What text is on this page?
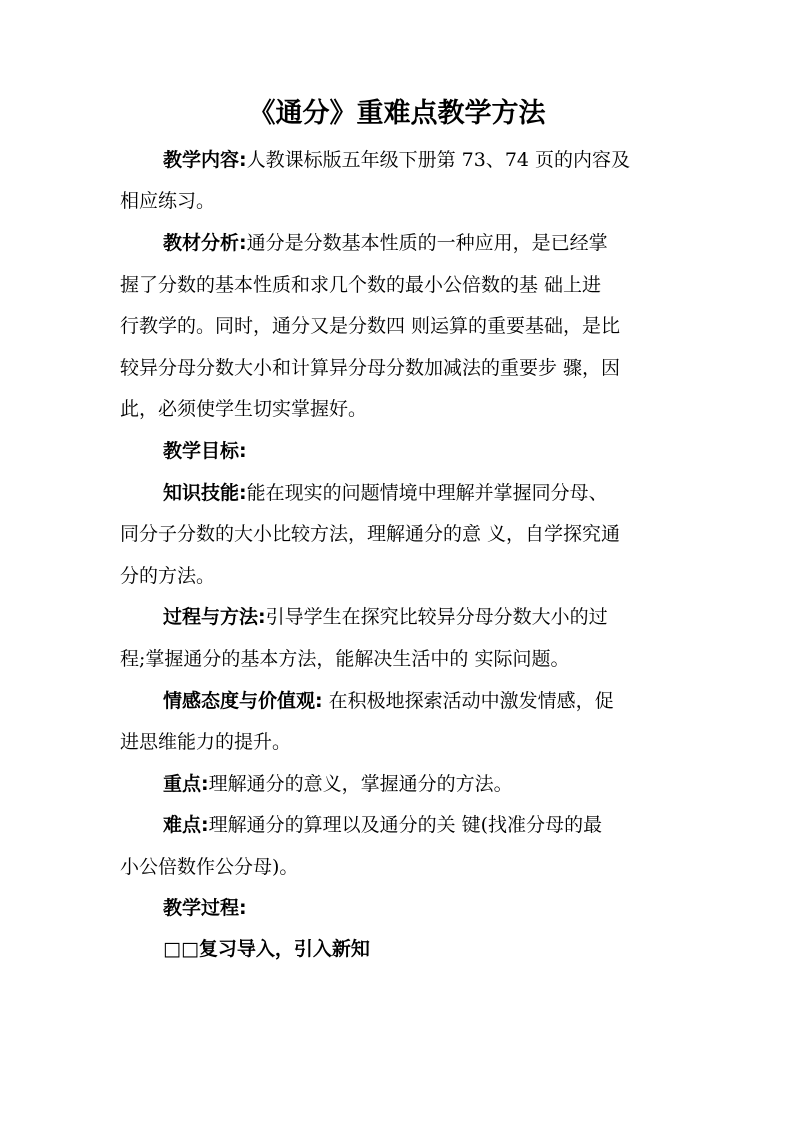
《通分》重难点教学方法
教学内容:人教课标版五年级下册第 73、74 页的内容及
相应练习。
教材分析:通分是分数基本性质的一种应用，是已经掌
握了分数的基本性质和求几个数的最小公倍数的基 础上进
行教学的。同时，通分又是分数四 则运算的重要基础，是比
较异分母分数大小和计算异分母分数加减法的重要步 骤，因
此，必须使学生切实掌握好。
教学目标:
知识技能:能在现实的问题情境中理解并掌握同分母、
同分子分数的大小比较方法，理解通分的意 义，自学探究通
分的方法。
过程与方法:引导学生在探究比较异分母分数大小的过
程;掌握通分的基本方法，能解决生活中的 实际问题。
情感态度与价值观: 在积极地探索活动中激发情感，促
进思维能力的提升。
重点:理解通分的意义，掌握通分的方法。
难点:理解通分的算理以及通分的关 键(找准分母的最
小公倍数作公分母)。
教学过程:
□□复习导入，引入新知
